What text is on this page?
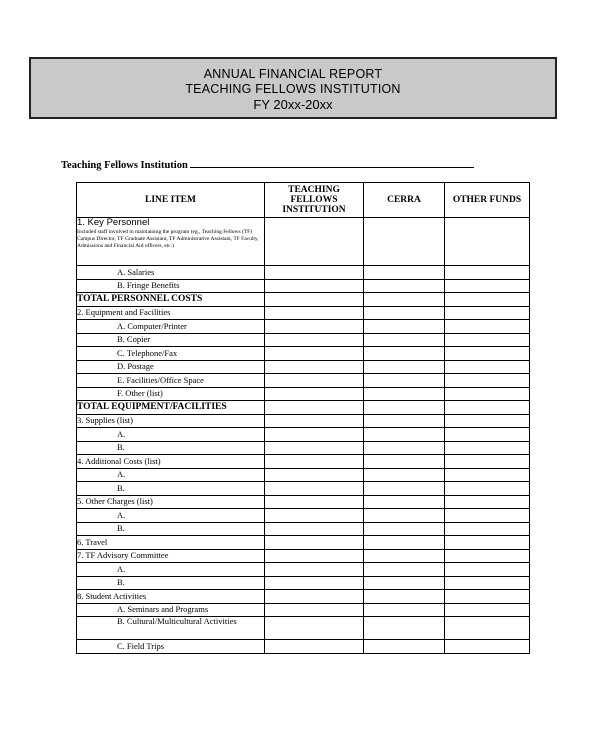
ANNUAL FINANCIAL REPORT
TEACHING FELLOWS INSTITUTION
FY 20xx-20xx
Teaching Fellows Institution
LINE ITEM	TEACHING FELLOWS INSTITUTION	CERRA	OTHER FUNDS
1. Key Personnel
Included staff involved in maintaining the program (eg., Teaching Fellows (TF) Campus Director, TF Graduate Assistant, TF Administrative Assistant, TF Faculty, Admissions and Financial Aid officers, etc.)			

A. Salaries			
B. Fringe Benefits			
TOTAL PERSONNEL COSTS			
2. Equipment and Facilities			
A. Computer/Printer			
B. Copier			
C. Telephone/Fax			
D. Postage			
E. Facilities/Office Space			
F. Other (list)			
TOTAL EQUIPMENT/FACILITIES			
3. Supplies (list)			
A.			
B.			
4. Additional Costs (list)			
A.			
B.			
5. Other Charges (list)			
A.			
B.			
6. Travel			
7. TF Advisory Committee			
A.			
B.			
8. Student Activities			
A. Seminars and Programs			
B. Cultural/Multicultural Activities			
C. Field Trips			
